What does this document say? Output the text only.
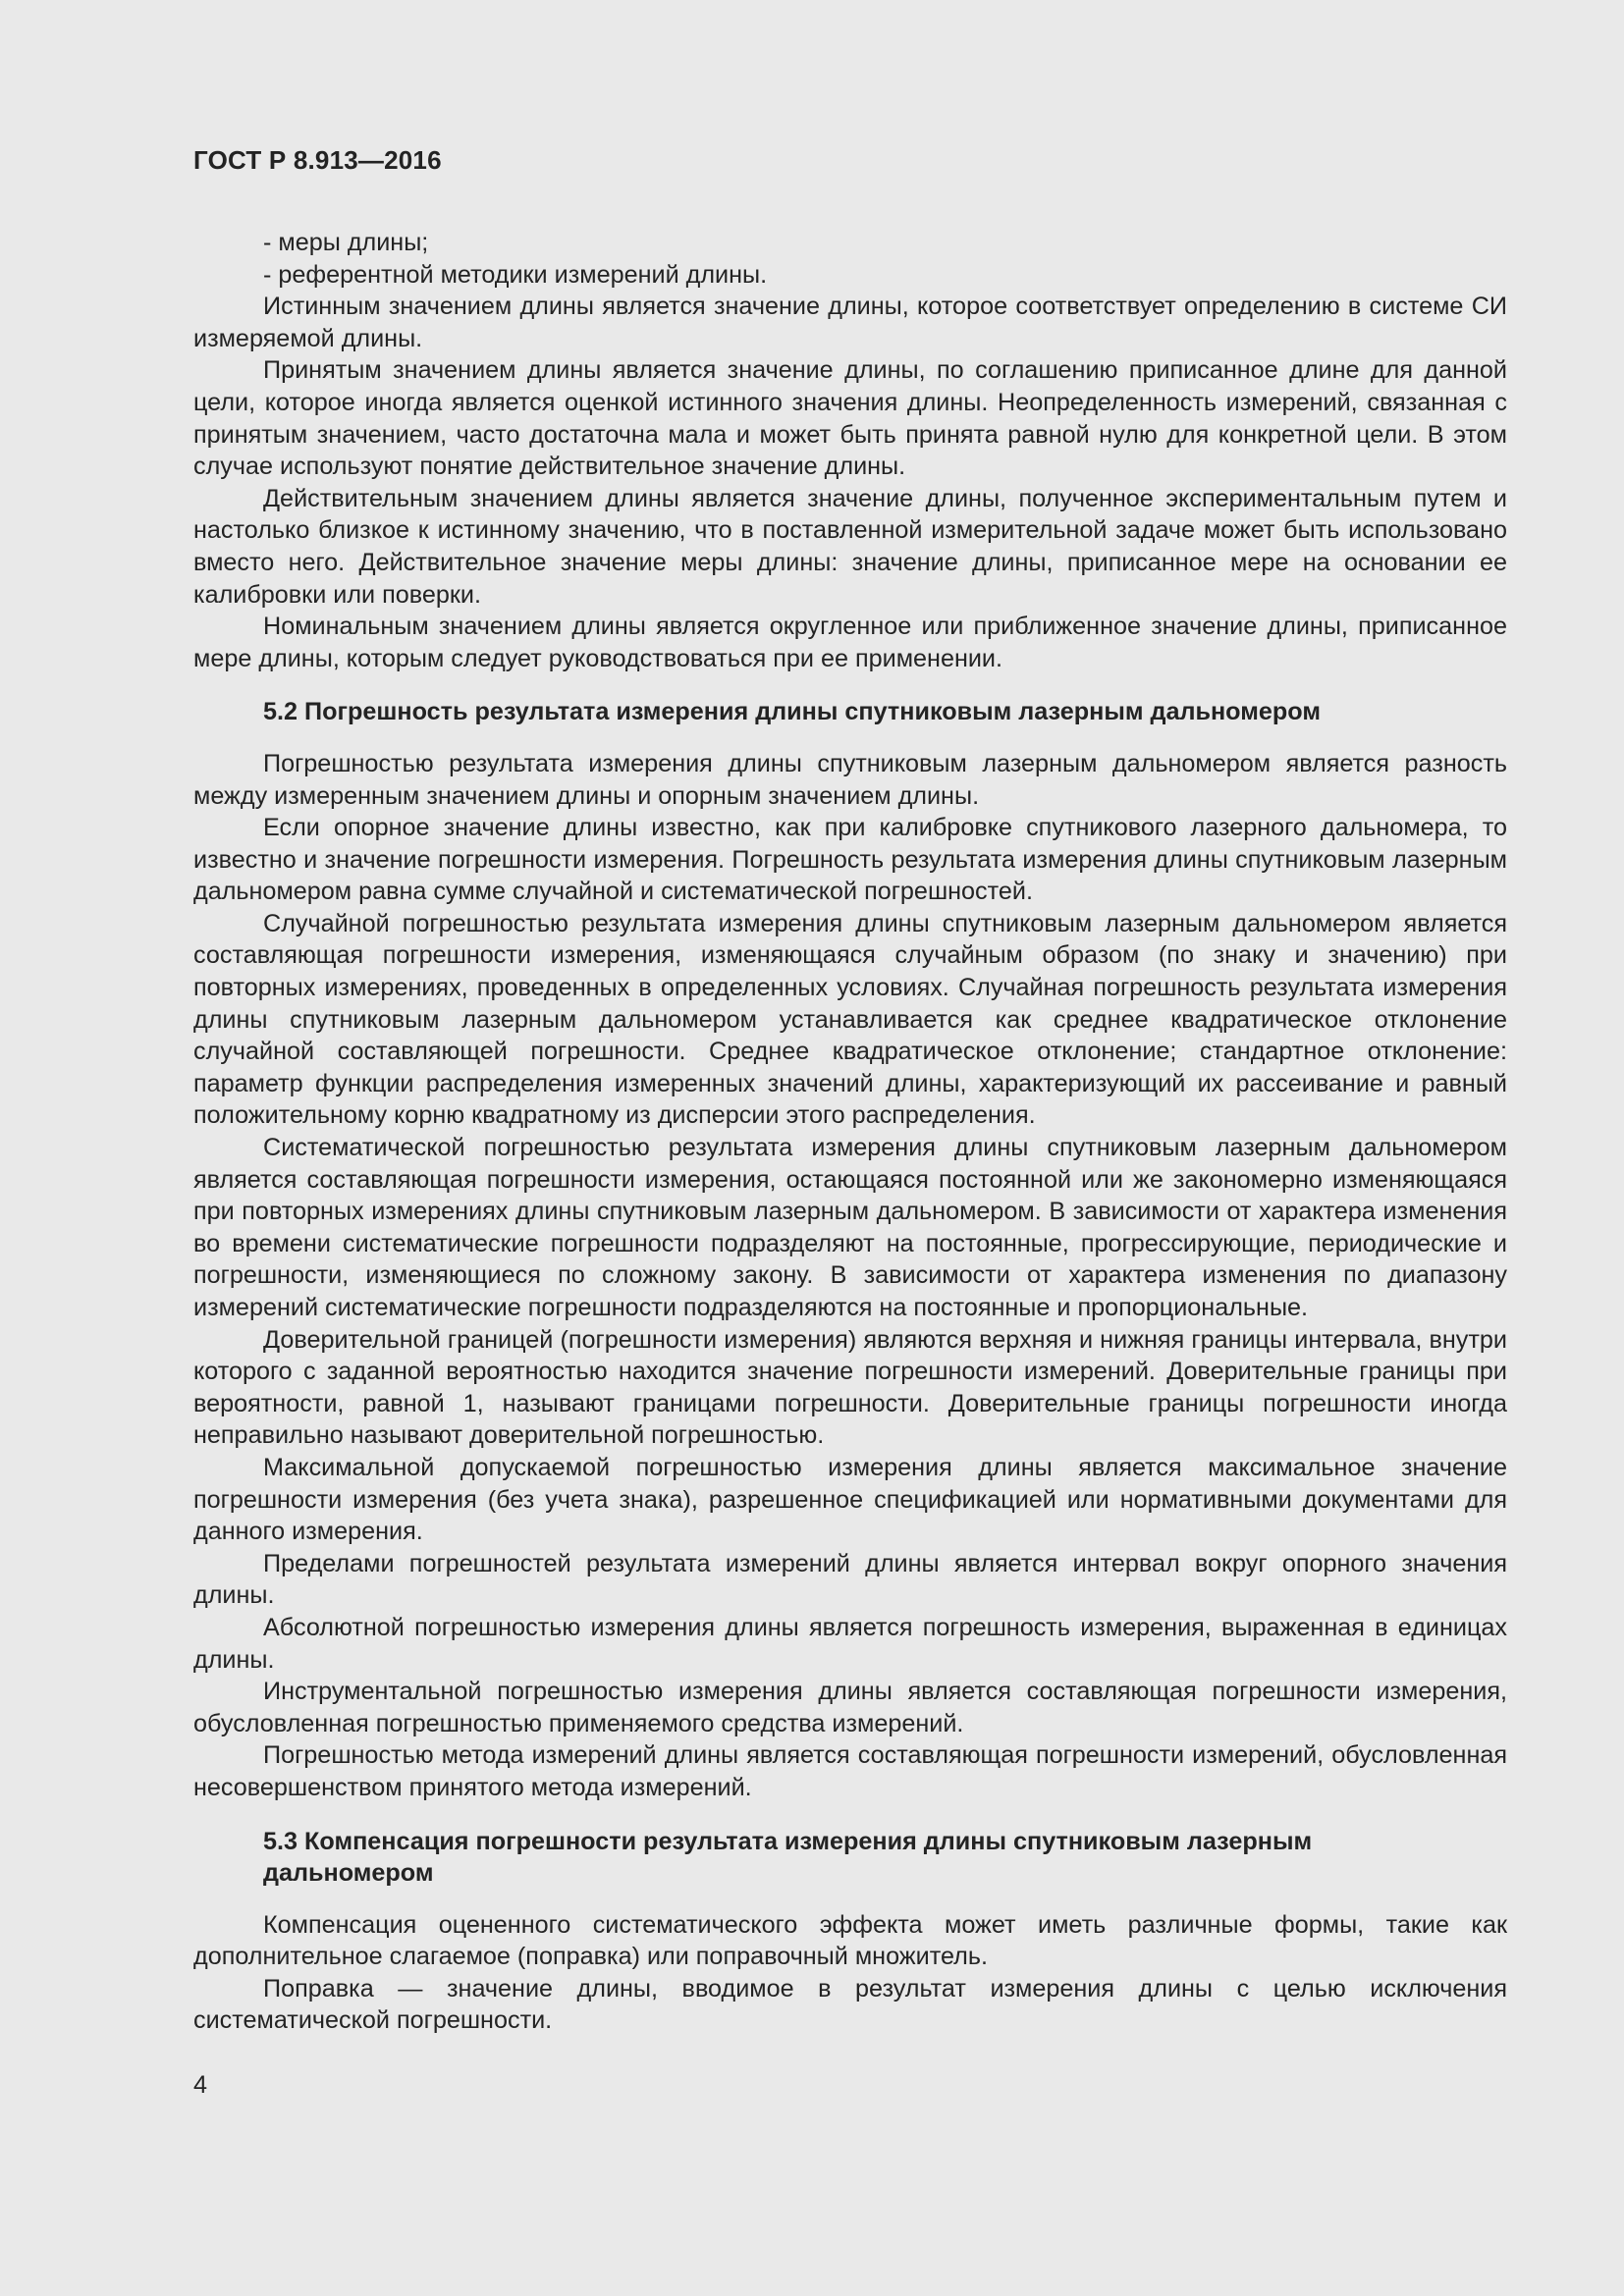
ГОСТ Р 8.913—2016

- меры длины;

- референтной методики измерений длины.

Истинным значением длины является значение длины, которое соответствует определению в системе СИ измеряемой длины.

Принятым значением длины является значение длины, по соглашению приписанное длине для данной цели, которое иногда является оценкой истинного значения длины. Неопределенность измерений, связанная с принятым значением, часто достаточна мала и может быть принята равной нулю для конкретной цели. В этом случае используют понятие действительное значение длины.

Действительным значением длины является значение длины, полученное экспериментальным путем и настолько близкое к истинному значению, что в поставленной измерительной задаче может быть использовано вместо него. Действительное значение меры длины: значение длины, приписанное мере на основании ее калибровки или поверки.

Номинальным значением длины является округленное или приближенное значение длины, приписанное мере длины, которым следует руководствоваться при ее применении.

5.2 Погрешность результата измерения длины спутниковым лазерным дальномером

Погрешностью результата измерения длины спутниковым лазерным дальномером является разность между измеренным значением длины и опорным значением длины.

Если опорное значение длины известно, как при калибровке спутникового лазерного дальномера, то известно и значение погрешности измерения. Погрешность результата измерения длины спутниковым лазерным дальномером равна сумме случайной и систематической погрешностей.

Случайной погрешностью результата измерения длины спутниковым лазерным дальномером является составляющая погрешности измерения, изменяющаяся случайным образом (по знаку и значению) при повторных измерениях, проведенных в определенных условиях. Случайная погрешность результата измерения длины спутниковым лазерным дальномером устанавливается как среднее квадратическое отклонение случайной составляющей погрешности. Среднее квадратическое отклонение; стандартное отклонение: параметр функции распределения измеренных значений длины, характеризующий их рассеивание и равный положительному корню квадратному из дисперсии этого распределения.

Систематической погрешностью результата измерения длины спутниковым лазерным дальномером является составляющая погрешности измерения, остающаяся постоянной или же закономерно изменяющаяся при повторных измерениях длины спутниковым лазерным дальномером. В зависимости от характера изменения во времени систематические погрешности подразделяют на постоянные, прогрессирующие, периодические и погрешности, изменяющиеся по сложному закону. В зависимости от характера изменения по диапазону измерений систематические погрешности подразделяются на постоянные и пропорциональные.

Доверительной границей (погрешности измерения) являются верхняя и нижняя границы интервала, внутри которого с заданной вероятностью находится значение погрешности измерений. Доверительные границы при вероятности, равной 1, называют границами погрешности. Доверительные границы погрешности иногда неправильно называют доверительной погрешностью.

Максимальной допускаемой погрешностью измерения длины является максимальное значение погрешности измерения (без учета знака), разрешенное спецификацией или нормативными документами для данного измерения.

Пределами погрешностей результата измерений длины является интервал вокруг опорного значения длины.

Абсолютной погрешностью измерения длины является погрешность измерения, выраженная в единицах длины.

Инструментальной погрешностью измерения длины является составляющая погрешности измерения, обусловленная погрешностью применяемого средства измерений.

Погрешностью метода измерений длины является составляющая погрешности измерений, обусловленная несовершенством принятого метода измерений.

5.3 Компенсация погрешности результата измерения длины спутниковым лазерным
дальномером

Компенсация оцененного систематического эффекта может иметь различные формы, такие как дополнительное слагаемое (поправка) или поправочный множитель.

Поправка — значение длины, вводимое в результат измерения длины с целью исключения систематической погрешности.

4
